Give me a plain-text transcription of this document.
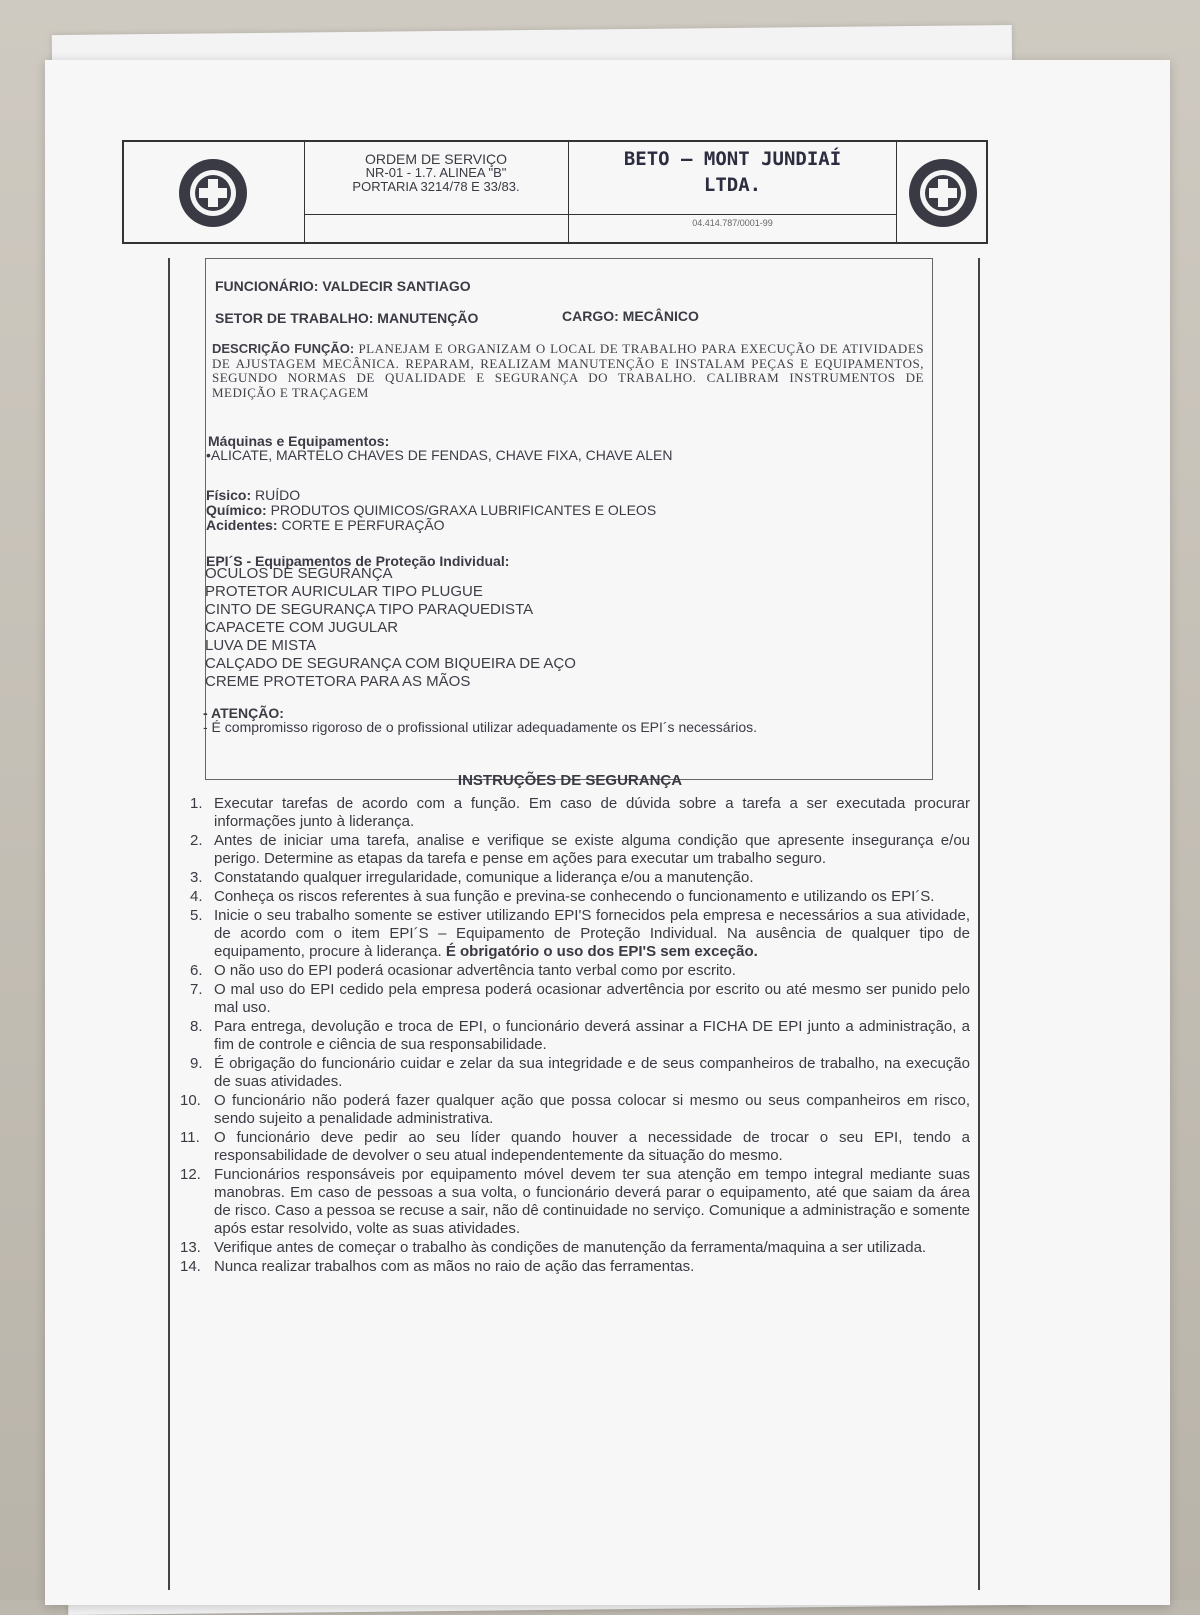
ORDEM DE SERVIÇO
NR-01 - 1.7. ALINEA "B"
PORTARIA 3214/78 E 33/83.
BETO – MONT JUNDIAÍ
LTDA.
04.414.787/0001-99
FUNCIONÁRIO: VALDECIR SANTIAGO
SETOR DE TRABALHO: MANUTENÇÃO	CARGO: MECÂNICO
DESCRIÇÃO FUNÇÃO: PLANEJAM E ORGANIZAM O LOCAL DE TRABALHO PARA EXECUÇÃO DE ATIVIDADES DE AJUSTAGEM MECÂNICA. REPARAM, REALIZAM MANUTENÇÃO E INSTALAM PEÇAS E EQUIPAMENTOS, SEGUNDO NORMAS DE QUALIDADE E SEGURANÇA DO TRABALHO. CALIBRAM INSTRUMENTOS DE MEDIÇÃO E TRAÇAGEM
Máquinas e Equipamentos:
•ALICATE, MARTELO CHAVES DE FENDAS, CHAVE FIXA, CHAVE ALEN
Físico: RUÍDO
Químico: PRODUTOS QUIMICOS/GRAXA LUBRIFICANTES E OLEOS
Acidentes: CORTE E PERFURAÇÃO
EPI´S - Equipamentos de Proteção Individual:
OCULOS DE SEGURANÇA
PROTETOR AURICULAR TIPO PLUGUE
CINTO DE SEGURANÇA TIPO PARAQUEDISTA
CAPACETE COM JUGULAR
LUVA DE MISTA
CALÇADO DE SEGURANÇA COM BIQUEIRA DE AÇO
CREME PROTETORA PARA AS MÃOS
- ATENÇÃO:
- É compromisso rigoroso de o profissional utilizar adequadamente os EPI´s necessários.
INSTRUÇÕES DE SEGURANÇA
1. Executar tarefas de acordo com a função. Em caso de dúvida sobre a tarefa a ser executada procurar informações junto à liderança.
2. Antes de iniciar uma tarefa, analise e verifique se existe alguma condição que apresente insegurança e/ou perigo. Determine as etapas da tarefa e pense em ações para executar um trabalho seguro.
3. Constatando qualquer irregularidade, comunique a liderança e/ou a manutenção.
4. Conheça os riscos referentes à sua função e previna-se conhecendo o funcionamento e utilizando os EPI´S.
5. Inicie o seu trabalho somente se estiver utilizando EPI'S fornecidos pela empresa e necessários a sua atividade, de acordo com o item EPI´S – Equipamento de Proteção Individual. Na ausência de qualquer tipo de equipamento, procure à liderança. É obrigatório o uso dos EPI'S sem exceção.
6. O não uso do EPI poderá ocasionar advertência tanto verbal como por escrito.
7. O mal uso do EPI cedido pela empresa poderá ocasionar advertência por escrito ou até mesmo ser punido pelo mal uso.
8. Para entrega, devolução e troca de EPI, o funcionário deverá assinar a FICHA DE EPI junto a administração, a fim de controle e ciência de sua responsabilidade.
9. É obrigação do funcionário cuidar e zelar da sua integridade e de seus companheiros de trabalho, na execução de suas atividades.
10. O funcionário não poderá fazer qualquer ação que possa colocar si mesmo ou seus companheiros em risco, sendo sujeito a penalidade administrativa.
11. O funcionário deve pedir ao seu líder quando houver a necessidade de trocar o seu EPI, tendo a responsabilidade de devolver o seu atual independentemente da situação do mesmo.
12. Funcionários responsáveis por equipamento móvel devem ter sua atenção em tempo integral mediante suas manobras. Em caso de pessoas a sua volta, o funcionário deverá parar o equipamento, até que saiam da área de risco. Caso a pessoa se recuse a sair, não dê continuidade no serviço. Comunique a administração e somente após estar resolvido, volte as suas atividades.
13. Verifique antes de começar o trabalho às condições de manutenção da ferramenta/maquina a ser utilizada.
14. Nunca realizar trabalhos com as mãos no raio de ação das ferramentas.
